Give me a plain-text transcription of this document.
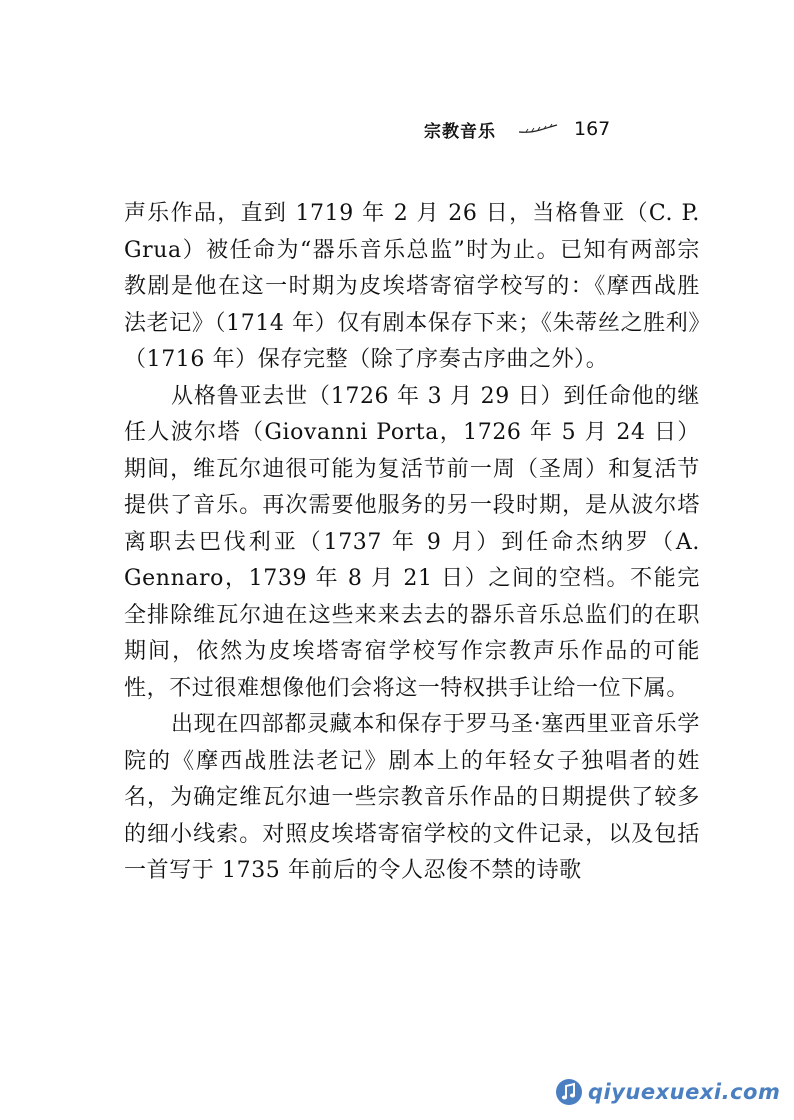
宗教音乐	167

声乐作品，直到 1719 年 2 月 26 日，当格鲁亚（C. P. Grua）被任命为“器乐音乐总监”时为止。已知有两部宗教剧是他在这一时期为皮埃塔寄宿学校写的：《摩西战胜法老记》（1714 年）仅有剧本保存下来；《朱蒂丝之胜利》（1716 年）保存完整（除了序奏古序曲之外）。

从格鲁亚去世（1726 年 3 月 29 日）到任命他的继任人波尔塔（Giovanni Porta，1726 年 5 月 24 日）期间，维瓦尔迪很可能为复活节前一周（圣周）和复活节提供了音乐。再次需要他服务的另一段时期，是从波尔塔离职去巴伐利亚（1737 年 9 月）到任命杰纳罗（A. Gennaro，1739 年 8 月 21 日）之间的空档。不能完全排除维瓦尔迪在这些来来去去的器乐音乐总监们的在职期间，依然为皮埃塔寄宿学校写作宗教声乐作品的可能性，不过很难想像他们会将这一特权拱手让给一位下属。

出现在四部都灵藏本和保存于罗马圣·塞西里亚音乐学院的《摩西战胜法老记》剧本上的年轻女子独唱者的姓名，为确定维瓦尔迪一些宗教音乐作品的日期提供了较多的细小线索。对照皮埃塔寄宿学校的文件记录，以及包括一首写于 1735 年前后的令人忍俊不禁的诗歌

qiyuexuexi.com
